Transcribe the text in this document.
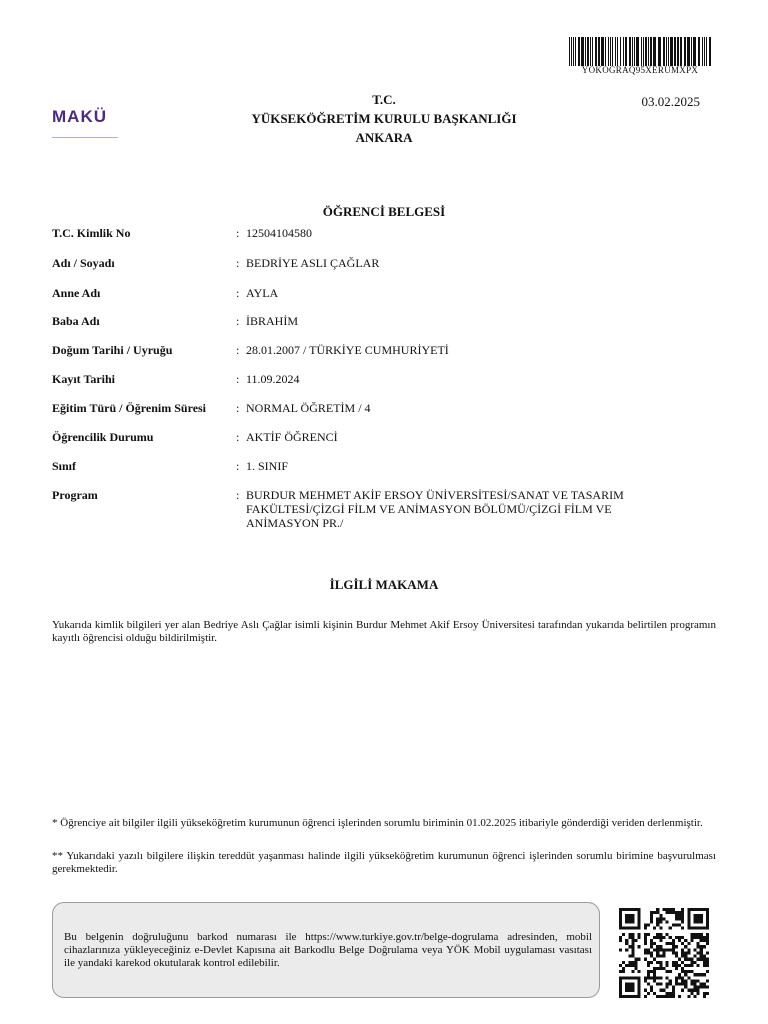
YOKOGRAQ95XERUMXPX
MAKÜ
T.C.
YÜKSEKÖĞRETİM KURULU BAŞKANLIĞI
ANKARA
03.02.2025
ÖĞRENCİ BELGESİ
T.C. Kimlik No	: 12504104580
Adı / Soyadı	: BEDRİYE ASLI ÇAĞLAR
Anne Adı	: AYLA
Baba Adı	: İBRAHİM
Doğum Tarihi / Uyruğu	: 28.01.2007 / TÜRKİYE CUMHURİYETİ
Kayıt Tarihi	: 11.09.2024
Eğitim Türü / Öğrenim Süresi	: NORMAL ÖĞRETİM / 4
Öğrencilik Durumu	: AKTİF ÖĞRENCİ
Sınıf	: 1. SINIF
Program	: BURDUR MEHMET AKİF ERSOY ÜNİVERSİTESİ/SANAT VE TASARIM FAKÜLTESİ/ÇİZGİ FİLM VE ANİMASYON BÖLÜMÜ/ÇİZGİ FİLM VE ANİMASYON PR./
İLGİLİ MAKAMA
Yukarıda kimlik bilgileri yer alan Bedriye Aslı Çağlar isimli kişinin Burdur Mehmet Akif Ersoy Üniversitesi tarafından yukarıda belirtilen programın kayıtlı öğrencisi olduğu bildirilmiştir.
* Öğrenciye ait bilgiler ilgili yükseköğretim kurumunun öğrenci işlerinden sorumlu biriminin 01.02.2025 itibariyle gönderdiği veriden derlenmiştir.
** Yukarıdaki yazılı bilgilere ilişkin tereddüt yaşanması halinde ilgili yükseköğretim kurumunun öğrenci işlerinden sorumlu birimine başvurulması gerekmektedir.
Bu belgenin doğruluğunu barkod numarası ile https://www.turkiye.gov.tr/belge-dogrulama adresinden, mobil cihazlarınıza yükleyeceğiniz e-Devlet Kapısına ait Barkodlu Belge Doğrulama veya YÖK Mobil uygulaması vasıtası ile yandaki karekod okutularak kontrol edilebilir.
